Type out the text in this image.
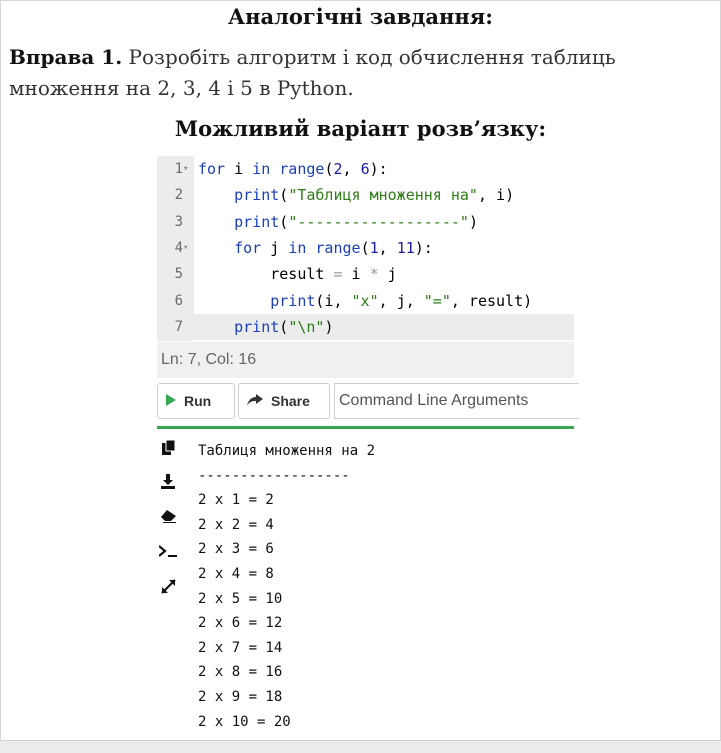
Аналогічні завдання:
Вправа 1. Розробіть алгоритм і код обчислення таблиць множення на 2, 3, 4 і 5 в Python.
Можливий варіант розв’язку:
1 ▾ for i in range(2, 6):
2	print("Таблиця множення на", i)
3	print("------------------")
4 ▾	for j in range(1, 11):
5	result = i * j
6	print(i, "x", j, "=", result)
7	print("\n")
Ln: 7, Col: 16
Run	Share	Command Line Arguments
Таблиця множення на 2
------------------
2 x 1 = 2
2 x 2 = 4
2 x 3 = 6
2 x 4 = 8
2 x 5 = 10
2 x 6 = 12
2 x 7 = 14
2 x 8 = 16
2 x 9 = 18
2 x 10 = 20
